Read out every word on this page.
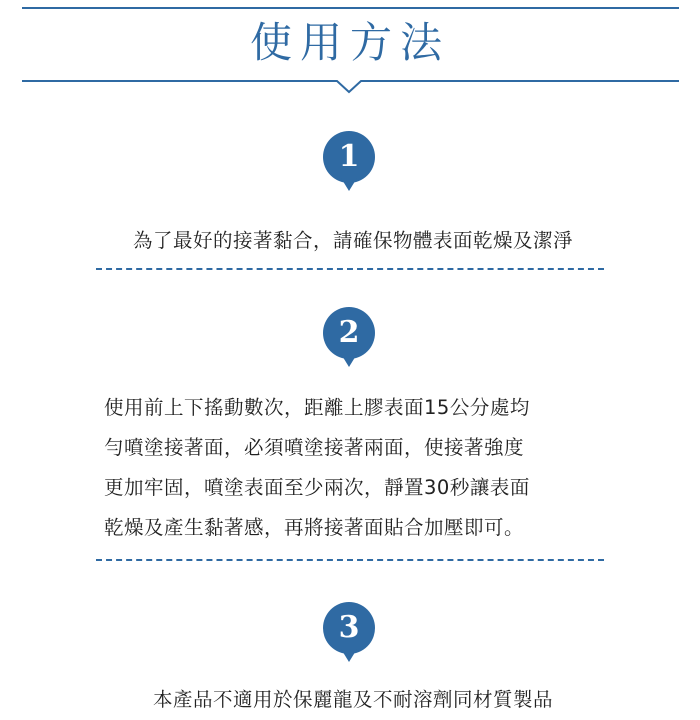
使用方法
1
為了最好的接著黏合，請確保物體表面乾燥及潔淨
2
使用前上下搖動數次，距離上膠表面15公分處均
勻噴塗接著面，必須噴塗接著兩面，使接著強度
更加牢固，噴塗表面至少兩次，靜置30秒讓表面
乾燥及產生黏著感，再將接著面貼合加壓即可。
3
本產品不適用於保麗龍及不耐溶劑同材質製品
